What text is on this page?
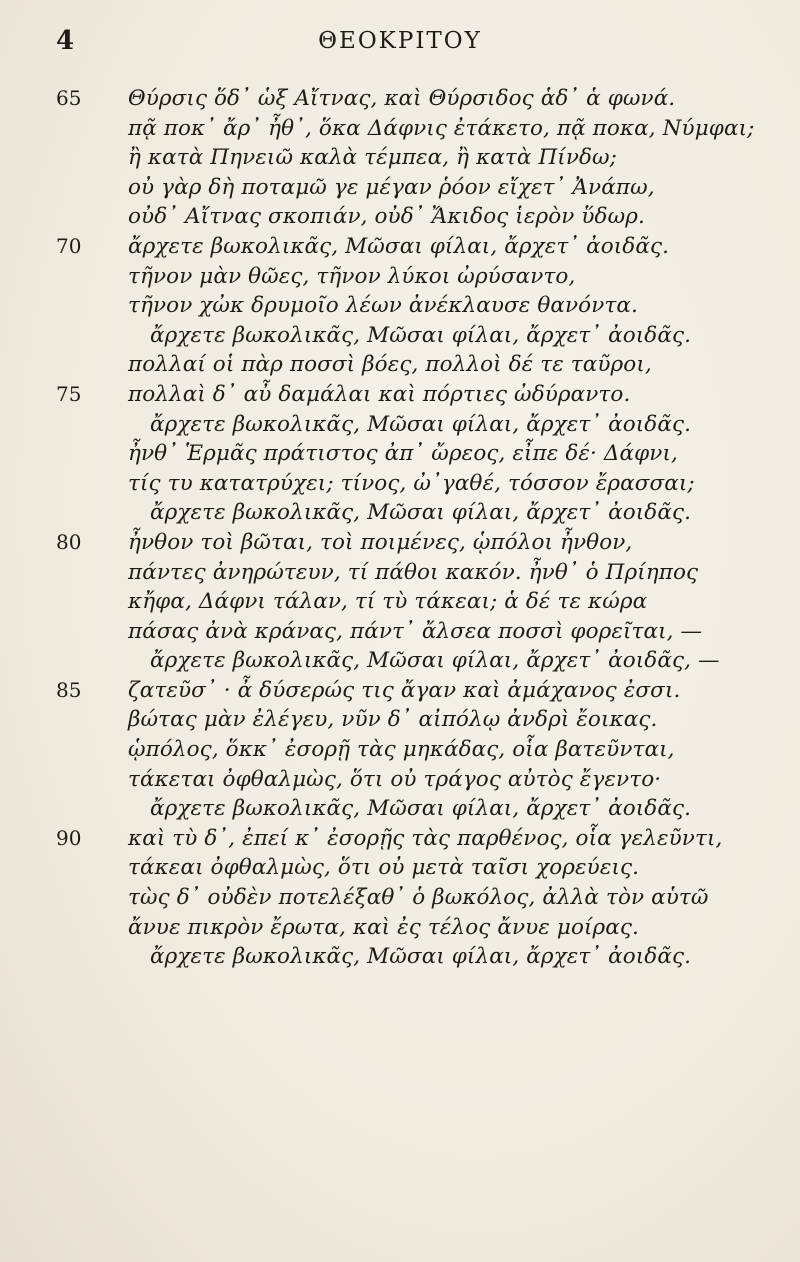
4	ΘΕΟΚΡΙΤΟΥ
65	Θύρσις ὅδ᾽ ὡξ Αἴτνας, καὶ Θύρσιδος ἁδ᾽ ἁ φωνά.
πᾷ ποκ᾽ ἄρ᾽ ἦθ᾽, ὅκα Δάφνις ἐτάκετο, πᾷ ποκα, Νύμφαι;
ἢ κατὰ Πηνειῶ καλὰ τέμπεα, ἢ κατὰ Πίνδω;
οὐ γὰρ δὴ ποταμῶ γε μέγαν ῥόον εἴχετ᾽ Ἀνάπω,
οὐδ᾽ Αἴτνας σκοπιάν, οὐδ᾽ Ἄκιδος ἱερὸν ὕδωρ.
70	ἄρχετε βωκολικᾶς, Μῶσαι φίλαι, ἄρχετ᾽ ἀοιδᾶς.
τῆνον μὰν θῶες, τῆνον λύκοι ὠρύσαντο,
τῆνον χὠκ δρυμοῖο λέων ἀνέκλαυσε θανόντα.
ἄρχετε βωκολικᾶς, Μῶσαι φίλαι, ἄρχετ᾽ ἀοιδᾶς.
πολλαί οἱ πὰρ ποσσὶ βόες, πολλοὶ δέ τε ταῦροι,
75	πολλαὶ δ᾽ αὖ δαμάλαι καὶ πόρτιες ὠδύραντο.
ἄρχετε βωκολικᾶς, Μῶσαι φίλαι, ἄρχετ᾽ ἀοιδᾶς.
ἦνθ᾽ Ἑρμᾶς πράτιστος ἀπ᾽ ὤρεος, εἶπε δέ· Δάφνι,
τίς τυ κατατρύχει; τίνος, ὠ᾽γαθέ, τόσσον ἔρασσαι;
ἄρχετε βωκολικᾶς, Μῶσαι φίλαι, ἄρχετ᾽ ἀοιδᾶς.
80	ἦνθον τοὶ βῶται, τοὶ ποιμένες, ᾡπόλοι ἦνθον,
πάντες ἀνηρώτευν, τί πάθοι κακόν. ἦνθ᾽ ὁ Πρίηπος
κἤφα, Δάφνι τάλαν, τί τὺ τάκεαι; ἁ δέ τε κώρα
πάσας ἀνὰ κράνας, πάντ᾽ ἄλσεα ποσσὶ φορεῖται, —
ἄρχετε βωκολικᾶς, Μῶσαι φίλαι, ἄρχετ᾽ ἀοιδᾶς, —
85	ζατεῦσ᾽ · ἆ δύσερώς τις ἄγαν καὶ ἀμάχανος ἐσσι.
βώτας μὰν ἐλέγευ, νῦν δ᾽ αἰπόλῳ ἀνδρὶ ἔοικας.
ᾡπόλος, ὅκκ᾽ ἐσορῇ τὰς μηκάδας, οἷα βατεῦνται,
τάκεται ὀφθαλμὼς, ὅτι οὐ τράγος αὐτὸς ἔγεντο·
ἄρχετε βωκολικᾶς, Μῶσαι φίλαι, ἄρχετ᾽ ἀοιδᾶς.
90	καὶ τὺ δ᾽, ἐπεί κ᾽ ἐσορῇς τὰς παρθένος, οἷα γελεῦντι,
τάκεαι ὀφθαλμὼς, ὅτι οὐ μετὰ ταῖσι χορεύεις.
τὼς δ᾽ οὐδὲν ποτελέξαθ᾽ ὁ βωκόλος, ἀλλὰ τὸν αὑτῶ
ἄνυε πικρὸν ἔρωτα, καὶ ἐς τέλος ἄνυε μοίρας.
ἄρχετε βωκολικᾶς, Μῶσαι φίλαι, ἄρχετ᾽ ἀοιδᾶς.
